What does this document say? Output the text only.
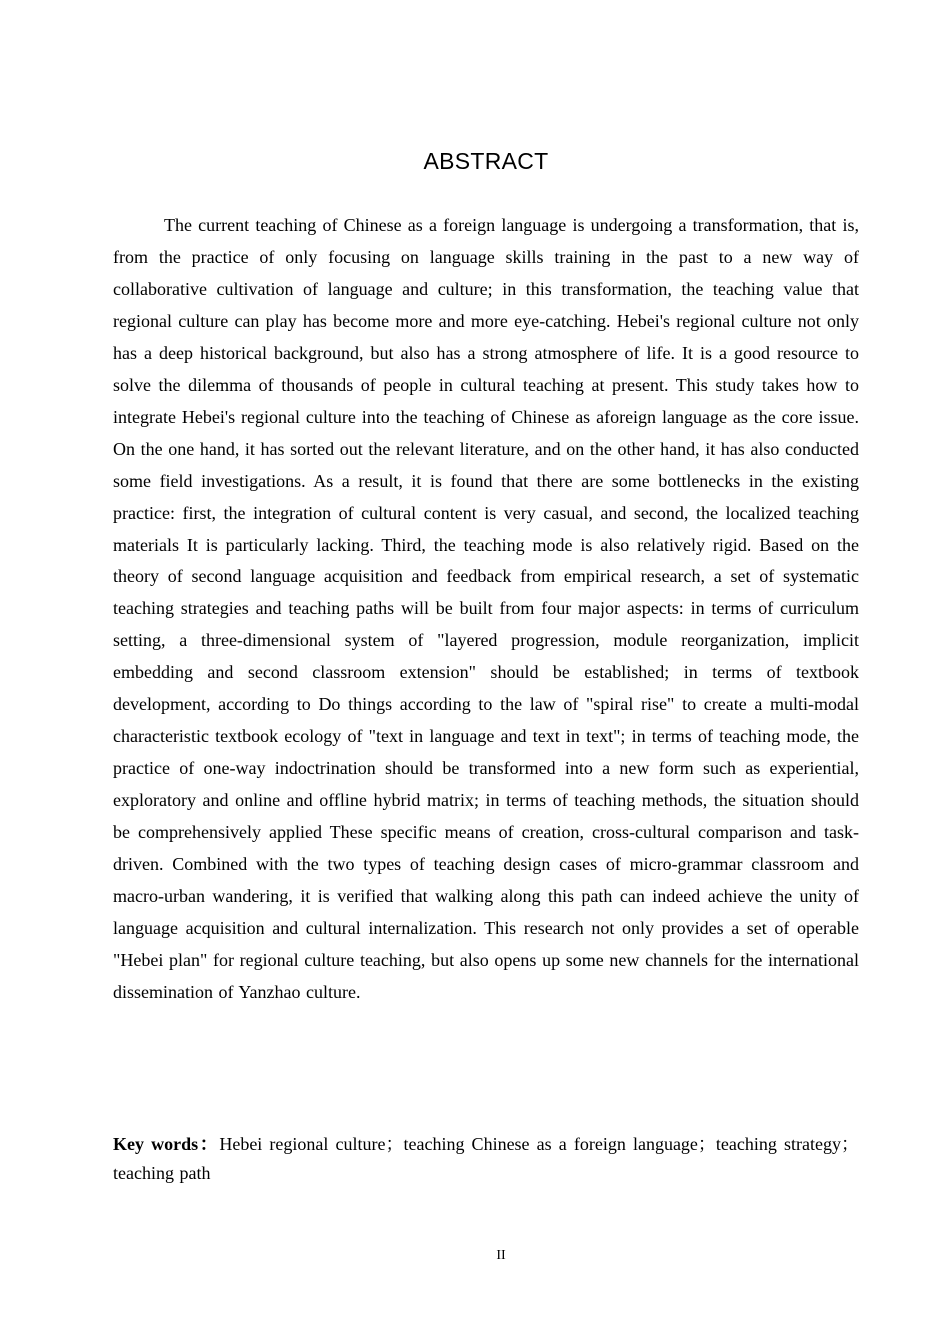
ABSTRACT

The current teaching of Chinese as a foreign language is undergoing a transformation, that is, from the practice of only focusing on language skills training in the past to a new way of collaborative cultivation of language and culture; in this transformation, the teaching value that regional culture can play has become more and more eye-catching. Hebei's regional culture not only has a deep historical background, but also has a strong atmosphere of life. It is a good resource to solve the dilemma of thousands of people in cultural teaching at present. This study takes how to integrate Hebei's regional culture into the teaching of Chinese as aforeign language as the core issue. On the one hand, it has sorted out the relevant literature, and on the other hand, it has also conducted some field investigations. As a result, it is found that there are some bottlenecks in the existing practice: first, the integration of cultural content is very casual, and second, the localized teaching materials It is particularly lacking. Third, the teaching mode is also relatively rigid. Based on the theory of second language acquisition and feedback from empirical research, a set of systematic teaching strategies and teaching paths will be built from four major aspects: in terms of curriculum setting, a three-dimensional system of "layered progression, module reorganization, implicit embedding and second classroom extension" should be established; in terms of textbook development, according to Do things according to the law of "spiral rise" to create a multi-modal characteristic textbook ecology of "text in language and text in text"; in terms of teaching mode, the practice of one-way indoctrination should be transformed into a new form such as experiential, exploratory and online and offline hybrid matrix; in terms of teaching methods, the situation should be comprehensively applied These specific means of creation, cross-cultural comparison and task-driven. Combined with the two types of teaching design cases of micro-grammar classroom and macro-urban wandering, it is verified that walking along this path can indeed achieve the unity of language acquisition and cultural internalization. This research not only provides a set of operable "Hebei plan" for regional culture teaching, but also opens up some new channels for the international dissemination of Yanzhao culture.

Key words：Hebei regional culture；teaching Chinese as a foreign language；teaching strategy；teaching path

II
